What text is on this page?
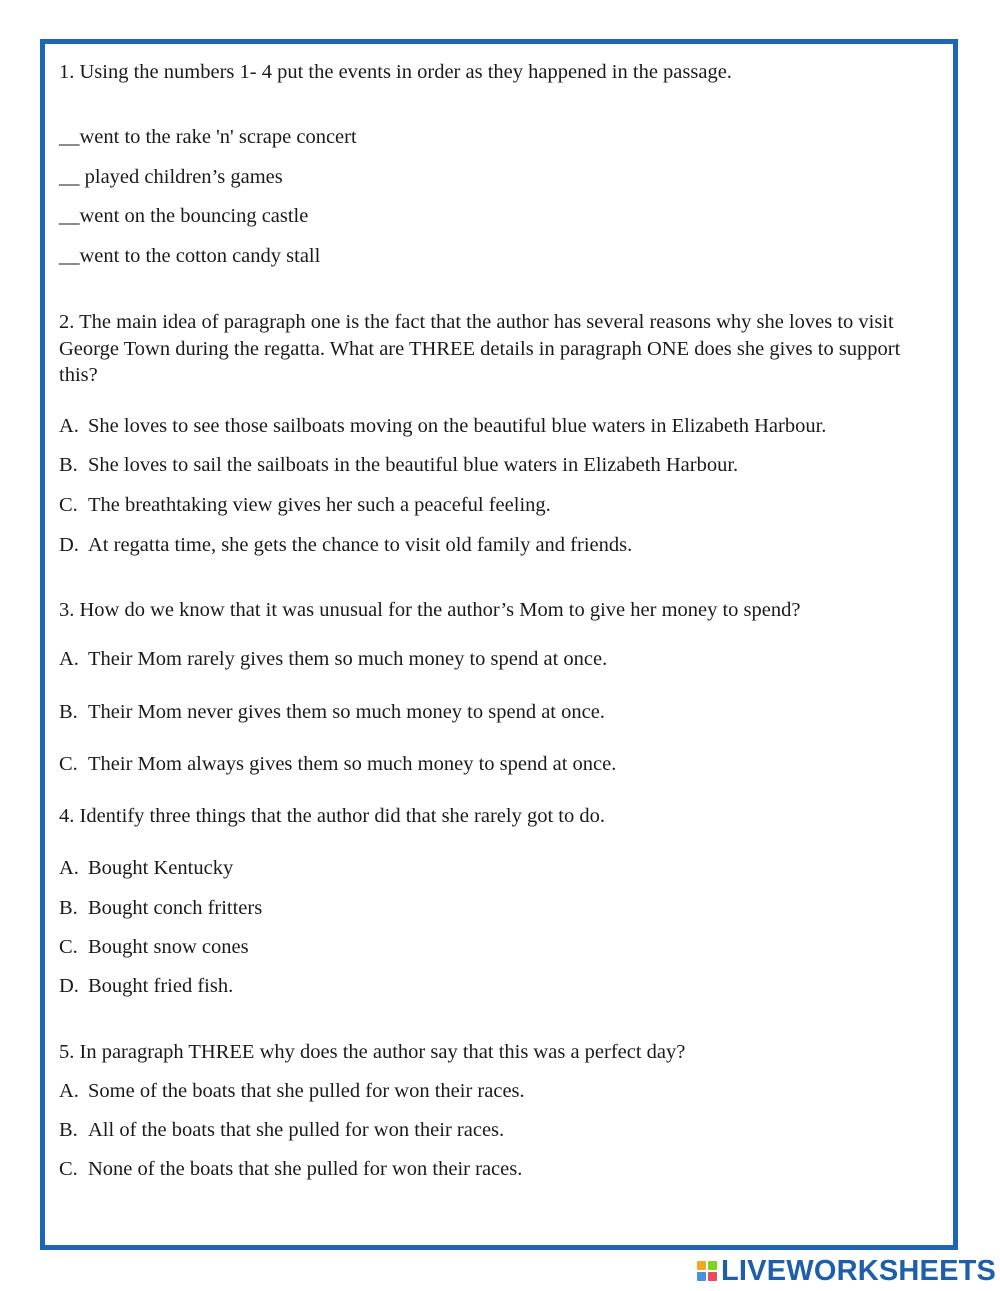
1. Using the numbers 1- 4 put the events in order as they happened in the passage.
__went to the rake 'n' scrape concert
__ played children’s games
__went on the bouncing castle
__went to the cotton candy stall
2. The main idea of paragraph one is the fact that the author has several reasons why she loves to visit George Town during the regatta. What are THREE details in paragraph ONE does she gives to support this?
A. She loves to see those sailboats moving on the beautiful blue waters in Elizabeth Harbour.
B. She loves to sail the sailboats in the beautiful blue waters in Elizabeth Harbour.
C. The breathtaking view gives her such a peaceful feeling.
D. At regatta time, she gets the chance to visit old family and friends.
3. How do we know that it was unusual for the author’s Mom to give her money to spend?
A. Their Mom rarely gives them so much money to spend at once.
B. Their Mom never gives them so much money to spend at once.
C. Their Mom always gives them so much money to spend at once.
4. Identify three things that the author did that she rarely got to do.
A. Bought Kentucky
B. Bought conch fritters
C. Bought snow cones
D. Bought fried fish.
5. In paragraph THREE why does the author say that this was a perfect day?
A. Some of the boats that she pulled for won their races.
B. All of the boats that she pulled for won their races.
C. None of the boats that she pulled for won their races.
LIVEWORKSHEETS
